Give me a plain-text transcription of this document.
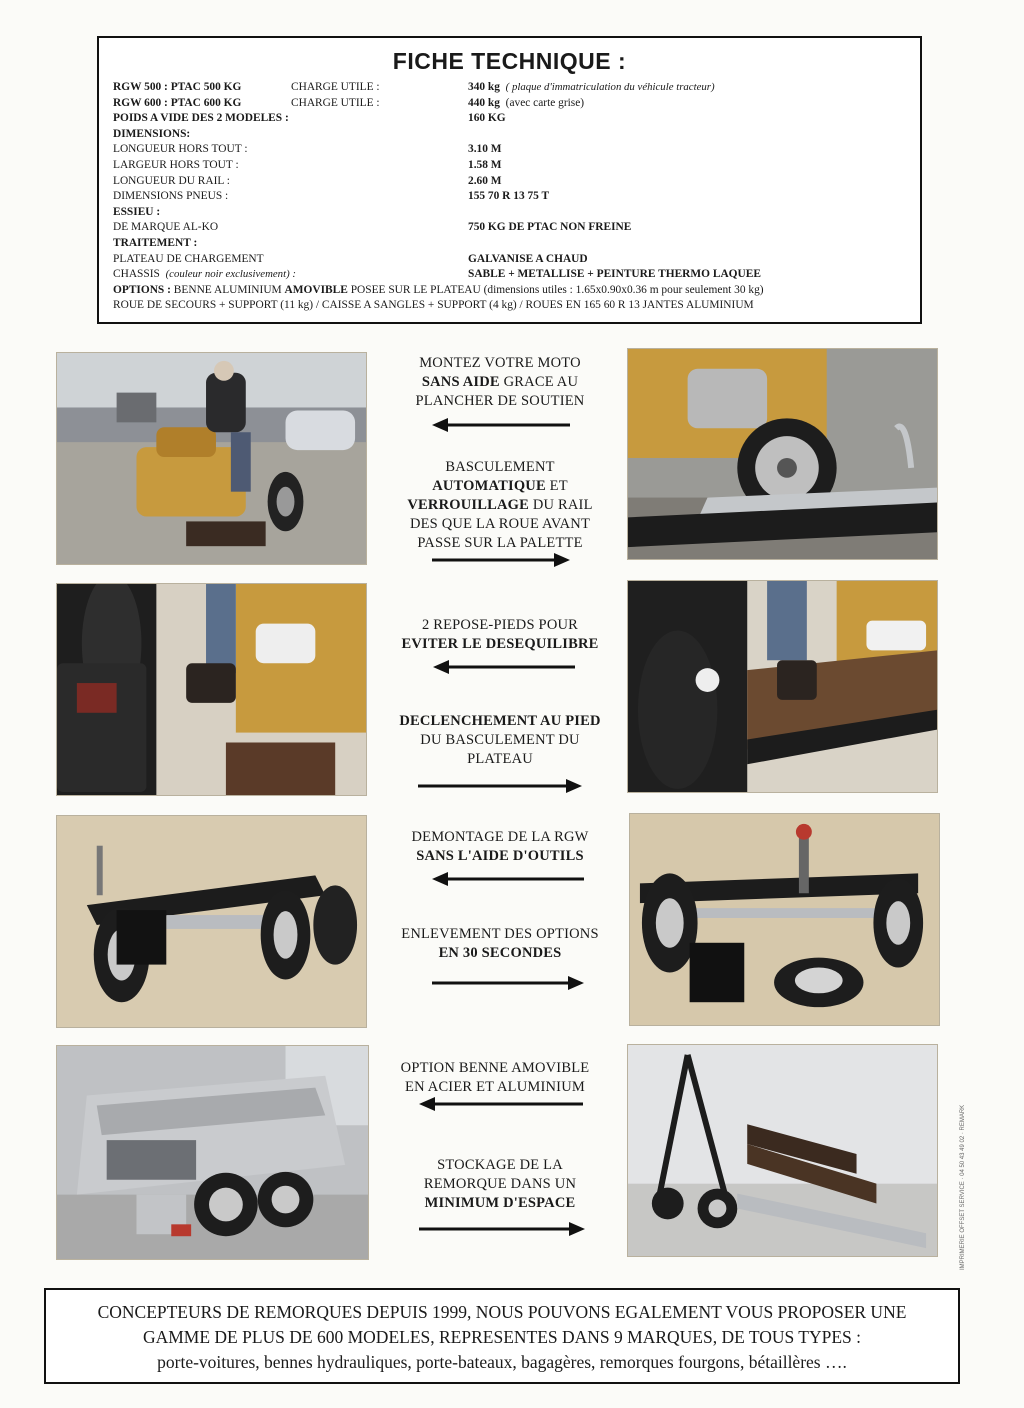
FICHE TECHNIQUE :
RGW 500 : PTAC 500 KG	CHARGE UTILE :	340 kg ( plaque d'immatriculation du véhicule tracteur)
RGW 600 : PTAC 600 KG	CHARGE UTILE :	440 kg (avec carte grise)
POIDS A VIDE DES 2 MODELES :	160 KG
DIMENSIONS:
LONGUEUR HORS TOUT :	3.10 M
LARGEUR HORS TOUT :	1.58 M
LONGUEUR DU RAIL :	2.60 M
DIMENSIONS PNEUS :	155 70 R 13 75 T
ESSIEU :
DE MARQUE AL-KO	750 KG DE PTAC NON FREINE
TRAITEMENT :
PLATEAU DE CHARGEMENT	GALVANISE A CHAUD
CHASSIS (couleur noir exclusivement) :	SABLE + METALLISE + PEINTURE THERMO LAQUEE
OPTIONS : BENNE ALUMINIUM AMOVIBLE POSEE SUR LE PLATEAU (dimensions utiles : 1.65x0.90x0.36 m pour seulement 30 kg)
ROUE DE SECOURS + SUPPORT (11 kg) / CAISSE A SANGLES + SUPPORT (4 kg) / ROUES EN 165 60 R 13 JANTES ALUMINIUM
MONTEZ VOTRE MOTO
SANS AIDE GRACE AU
PLANCHER DE SOUTIEN
BASCULEMENT
AUTOMATIQUE ET
VERROUILLAGE DU RAIL
DES QUE LA ROUE AVANT
PASSE SUR LA PALETTE
2 REPOSE-PIEDS POUR
EVITER LE DESEQUILIBRE
DECLENCHEMENT AU PIED
DU BASCULEMENT DU
PLATEAU
DEMONTAGE DE LA RGW
SANS L'AIDE D'OUTILS
ENLEVEMENT DES OPTIONS
EN 30 SECONDES
OPTION BENNE AMOVIBLE
EN ACIER ET ALUMINIUM
STOCKAGE DE LA
REMORQUE DANS UN
MINIMUM D'ESPACE	IMPRIMERIE OFFSET SERVICE · 04 50 43 49 02 · REMARK
CONCEPTEURS DE REMORQUES DEPUIS 1999, NOUS POUVONS EGALEMENT VOUS PROPOSER UNE
GAMME DE PLUS DE 600 MODELES, REPRESENTES DANS 9 MARQUES, DE TOUS TYPES :
porte-voitures, bennes hydrauliques, porte-bateaux, bagagères, remorques fourgons, bétaillères ….
